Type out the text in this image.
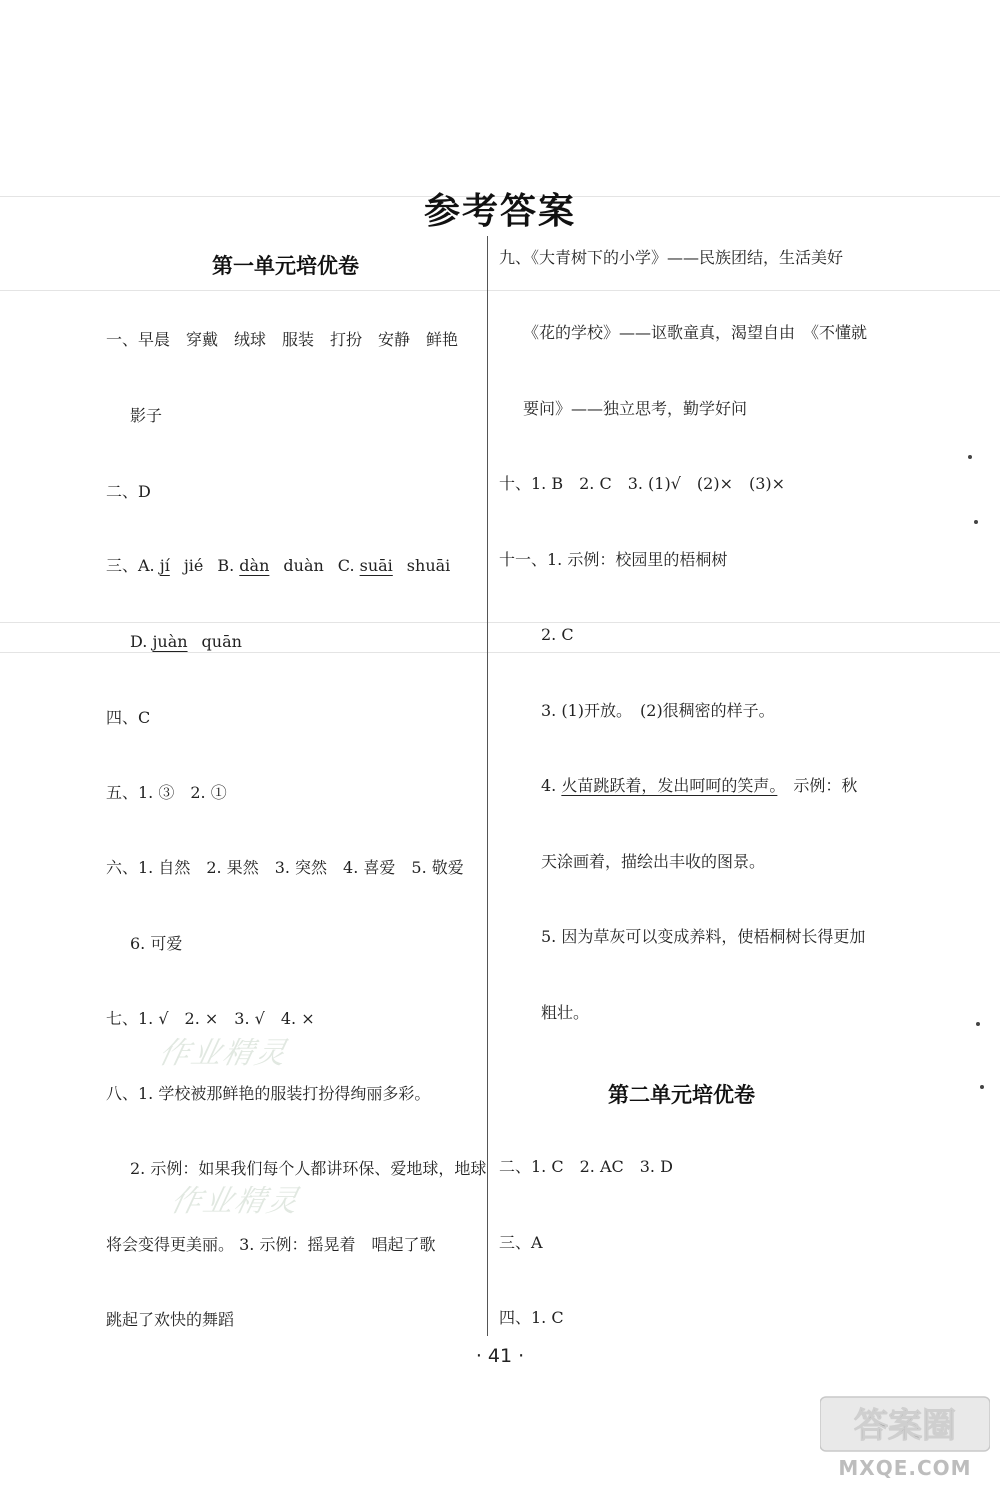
参考答案
第一单元培优卷
一、早晨　穿戴　绒球　服装　打扮　安静　鲜艳
影子
二、D
三、A. jí jié B. dàn duàn C. suāi shuāi
D. juàn quān
四、C
五、1. ③　2. ①
六、1. 自然　2. 果然　3. 突然　4. 喜爱　5. 敬爱
6. 可爱
七、1. √　2. ×　3. √　4. ×
作业精灵
八、1. 学校被那鲜艳的服装打扮得绚丽多彩。
2. 示例：如果我们每个人都讲环保、爱地球，地球
作业精灵
将会变得更美丽。 3. 示例：摇晃着　唱起了歌
跳起了欢快的舞蹈
九、《大青树下的小学》——民族团结，生活美好
《花的学校》——讴歌童真，渴望自由　《不懂就
要问》——独立思考，勤学好问
十、1. B　2. C　3. (1)√　(2)×　(3)×
十一、1. 示例：校园里的梧桐树
2. C
3. (1)开放。　(2)很稠密的样子。
4. 火苗跳跃着，发出呵呵的笑声。　示例：秋
天涂画着，描绘出丰收的图景。
5. 因为草灰可以变成养料，使梧桐树长得更加
粗壮。
第二单元培优卷
二、1. C　2. AC　3. D
三、A
四、1. C
· 41 ·
答案圈
MXQE.COM
